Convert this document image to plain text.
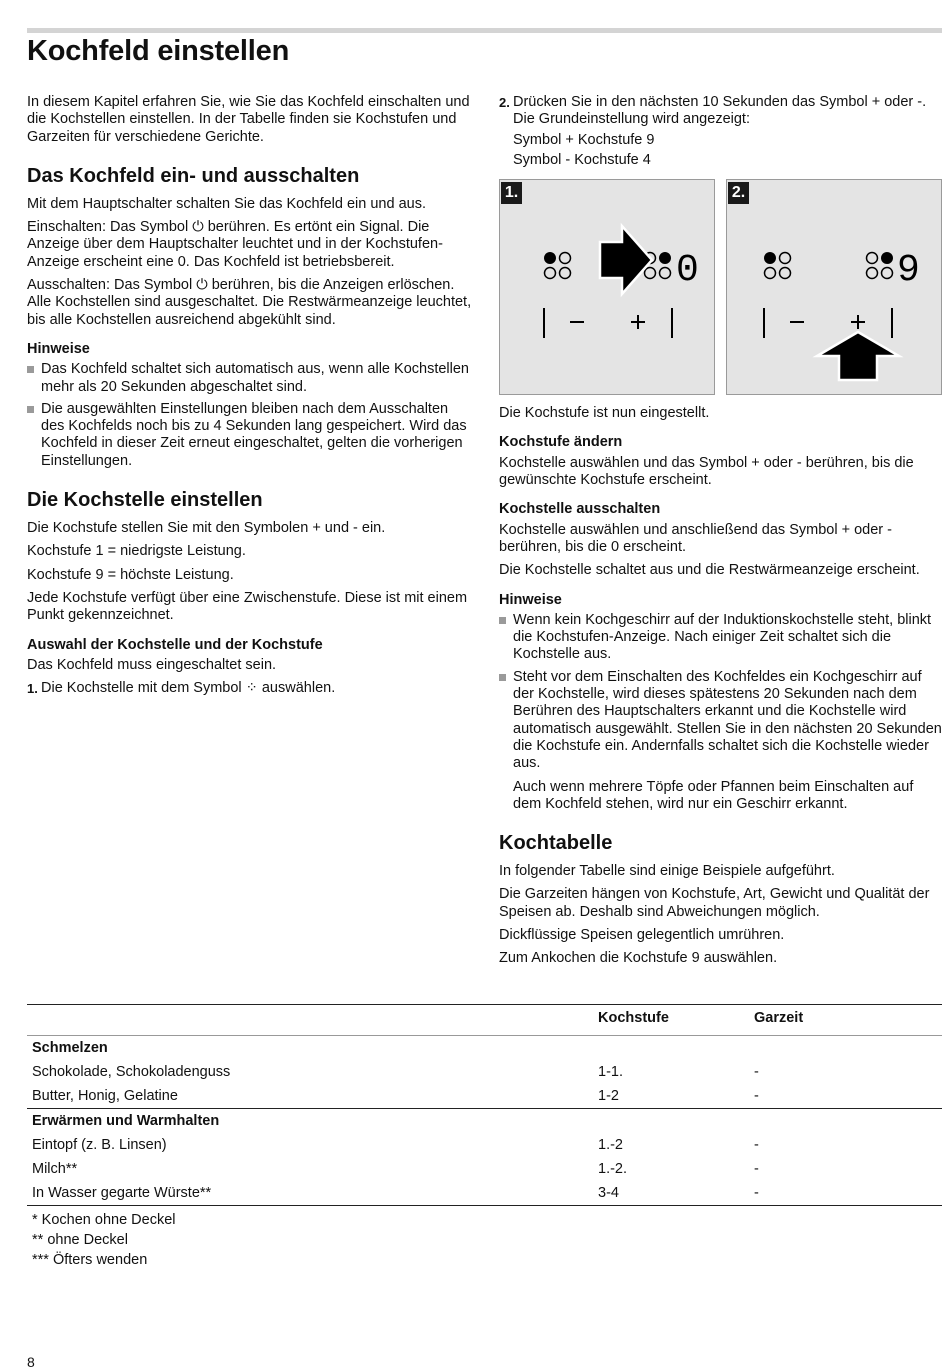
Kochfeld einstellen

In diesem Kapitel erfahren Sie, wie Sie das Kochfeld einschalten und die Kochstellen einstellen. In der Tabelle finden sie Kochstufen und Garzeiten für verschiedene Gerichte.

Das Kochfeld ein- und ausschalten

Mit dem Hauptschalter schalten Sie das Kochfeld ein und aus.

Einschalten: Das Symbol ⏻ berühren. Es ertönt ein Signal. Die Anzeige über dem Hauptschalter leuchtet und in der Kochstufen-Anzeige erscheint eine 0. Das Kochfeld ist betriebsbereit.

Ausschalten: Das Symbol ⏻ berühren, bis die Anzeigen erlöschen. Alle Kochstellen sind ausgeschaltet. Die Restwärmeanzeige leuchtet, bis alle Kochstellen ausreichend abgekühlt sind.

Hinweise
Das Kochfeld schaltet sich automatisch aus, wenn alle Kochstellen mehr als 20 Sekunden abgeschaltet sind.
Die ausgewählten Einstellungen bleiben nach dem Ausschalten des Kochfelds noch bis zu 4 Sekunden lang gespeichert. Wird das Kochfeld in dieser Zeit erneut eingeschaltet, gelten die vorherigen Einstellungen.
Die Kochstelle einstellen

Die Kochstufe stellen Sie mit den Symbolen + und - ein.

Kochstufe 1 = niedrigste Leistung.

Kochstufe 9 = höchste Leistung.

Jede Kochstufe verfügt über eine Zwischenstufe. Diese ist mit einem Punkt gekennzeichnet.

Auswahl der Kochstelle und der Kochstufe

Das Kochfeld muss eingeschaltet sein.

1. Die Kochstelle mit dem Symbol ⁘ auswählen.
2. Drücken Sie in den nächsten 10 Sekunden das Symbol + oder -. Die Grundeinstellung wird angezeigt:

Symbol + Kochstufe 9

Symbol - Kochstufe 4

1.
0
2.
9

Die Kochstufe ist nun eingestellt.

Kochstufe ändern

Kochstelle auswählen und das Symbol + oder - berühren, bis die gewünschte Kochstufe erscheint.

Kochstelle ausschalten

Kochstelle auswählen und anschließend das Symbol + oder - berühren, bis die 0 erscheint.

Die Kochstelle schaltet aus und die Restwärmeanzeige erscheint.

Hinweise
Wenn kein Kochgeschirr auf der Induktionskochstelle steht, blinkt die Kochstufen-Anzeige. Nach einiger Zeit schaltet sich die Kochstelle aus.
Steht vor dem Einschalten des Kochfeldes ein Kochgeschirr auf der Kochstelle, wird dieses spätestens 20 Sekunden nach dem Berühren des Hauptschalters erkannt und die Kochstelle wird automatisch ausgewählt. Stellen Sie in den nächsten 20 Sekunden die Kochstufe ein. Andernfalls schaltet sich die Kochstelle wieder aus.

Auch wenn mehrere Töpfe oder Pfannen beim Einschalten auf dem Kochfeld stehen, wird nur ein Geschirr erkannt.

Kochtabelle

In folgender Tabelle sind einige Beispiele aufgeführt.

Die Garzeiten hängen von Kochstufe, Art, Gewicht und Qualität der Speisen ab. Deshalb sind Abweichungen möglich.

Dickflüssige Speisen gelegentlich umrühren.

Zum Ankochen die Kochstufe 9 auswählen.

	Kochstufe	Garzeit
Schmelzen		
Schokolade, Schokoladenguss	1-1.	-
Butter, Honig, Gelatine	1-2	-
Erwärmen und Warmhalten		
Eintopf (z. B. Linsen)	1.-2	-
Milch**	1.-2.	-
In Wasser gegarte Würste**	3-4	-

* Kochen ohne Deckel
** ohne Deckel
*** Öfters wenden
8
